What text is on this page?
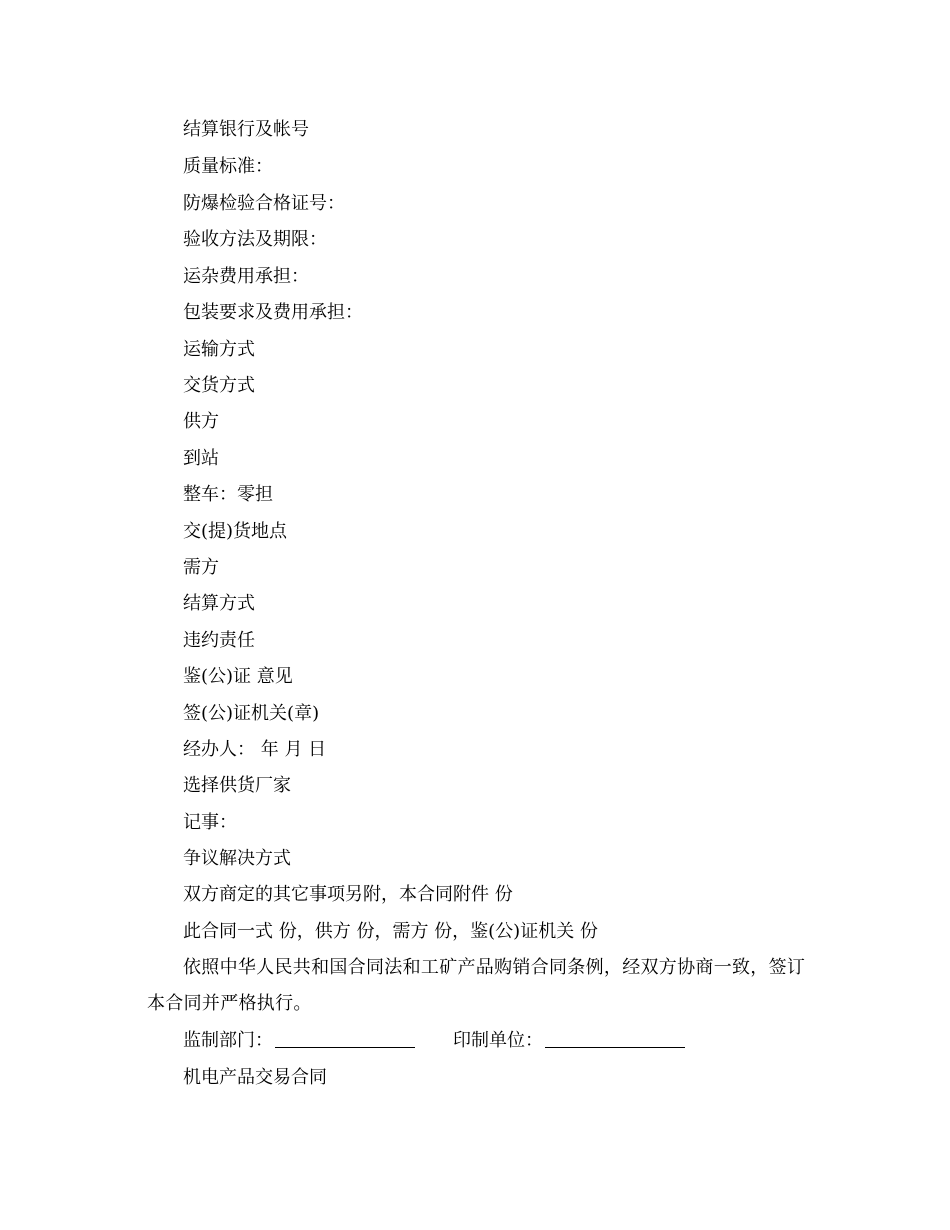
结算银行及帐号
质量标准：
防爆检验合格证号：
验收方法及期限：
运杂费用承担：
包装要求及费用承担：
运输方式
交货方式
供方
到站
整车：零担
交(提)货地点
需方
结算方式
违约责任
鉴(公)证 意见
签(公)证机关(章)
经办人： 年 月 日
选择供货厂家
记事：
争议解决方式
双方商定的其它事项另附，本合同附件 份
此合同一式 份，供方 份，需方 份，鉴(公)证机关 份
依照中华人民共和国合同法和工矿产品购销合同条例，经双方协商一致，签订本合同并严格执行。
监制部门：	印制单位：
机电产品交易合同
